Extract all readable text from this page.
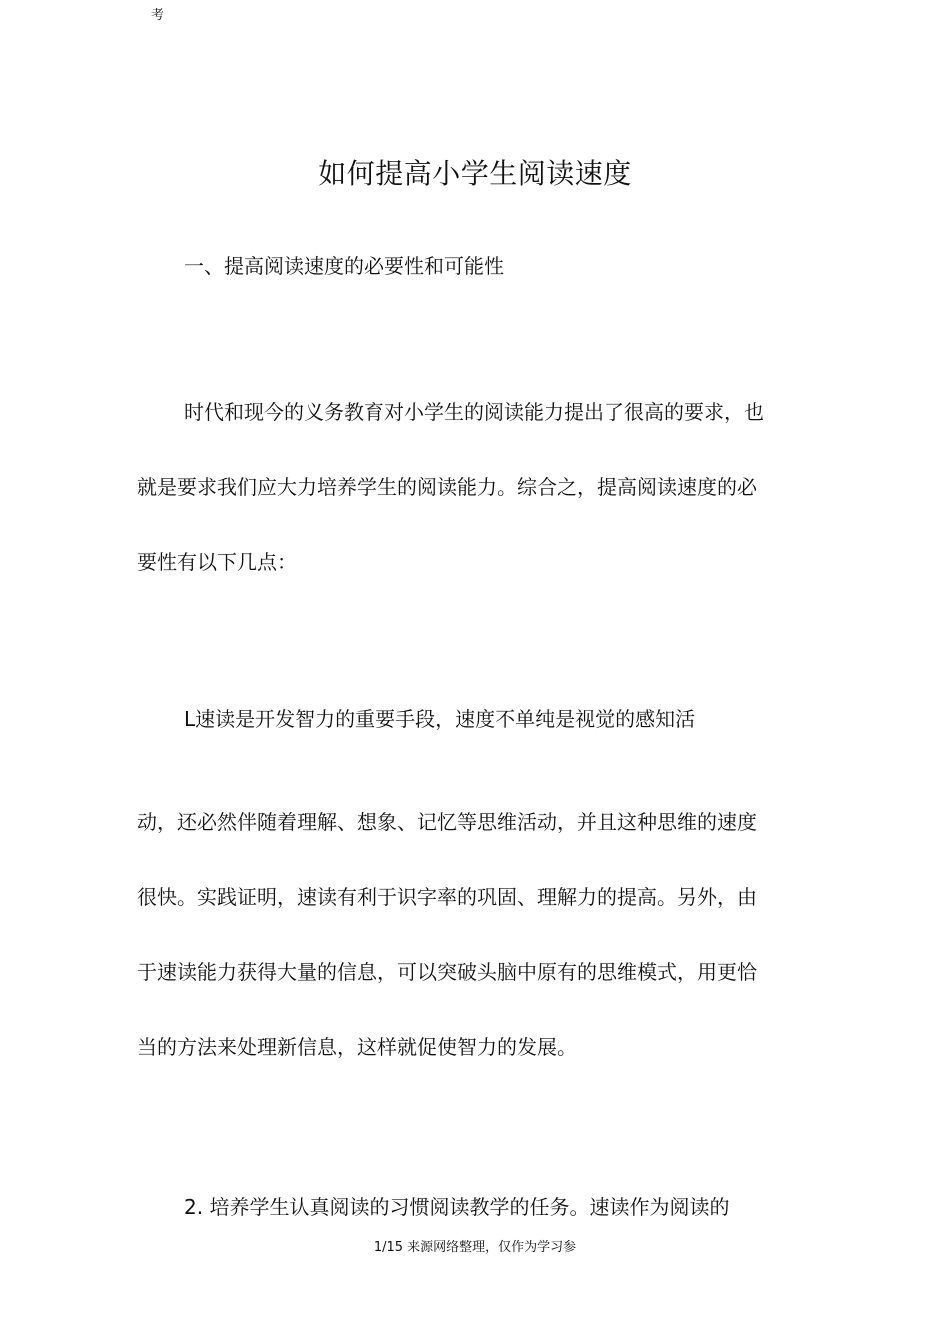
考

如何提高小学生阅读速度
一、提高阅读速度的必要性和可能性

时代和现今的义务教育对小学生的阅读能力提出了很高的要求，也

就是要求我们应大力培养学生的阅读能力。综合之，提高阅读速度的必

要性有以下几点：

L速读是开发智力的重要手段，速度不单纯是视觉的感知活

动，还必然伴随着理解、想象、记忆等思维活动，并且这种思维的速度

很快。实践证明，速读有利于识字率的巩固、理解力的提高。另外，由

于速读能力获得大量的信息，可以突破头脑中原有的思维模式，用更恰

当的方法来处理新信息，这样就促使智力的发展。

2. 培养学生认真阅读的习惯阅读教学的任务。速读作为阅读的

1/15 来源网络整理，仅作为学习参
